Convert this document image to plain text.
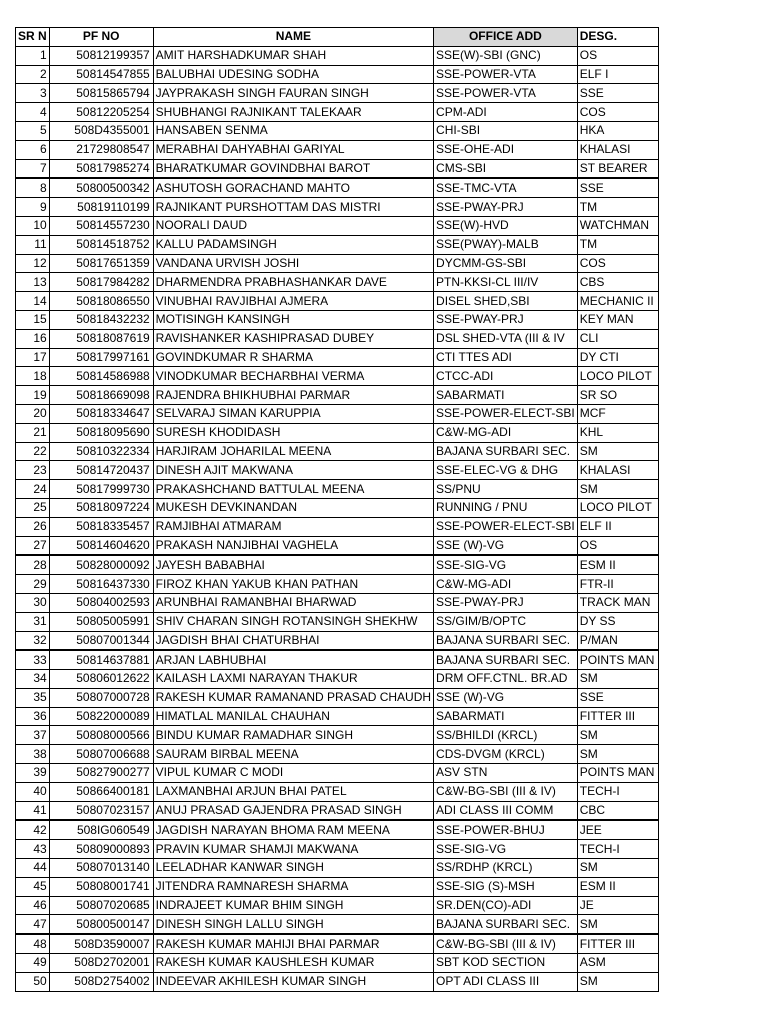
SR N	PF NO	NAME	OFFICE ADD	DESG.
1	50812199357	AMIT HARSHADKUMAR SHAH	SSE(W)-SBI (GNC)	OS
2	50814547855	BALUBHAI UDESING SODHA	SSE-POWER-VTA	ELF I
3	50815865794	JAYPRAKASH SINGH FAURAN SINGH	SSE-POWER-VTA	SSE
4	50812205254	SHUBHANGI RAJNIKANT TALEKAAR	CPM-ADI	COS
5	508D4355001	HANSABEN SENMA	CHI-SBI	HKA
6	21729808547	MERABHAI DAHYABHAI GARIYAL	SSE-OHE-ADI	KHALASI
7	50817985274	BHARATKUMAR GOVINDBHAI BAROT	CMS-SBI	ST BEARER
8	50800500342	ASHUTOSH GORACHAND MAHTO	SSE-TMC-VTA	SSE
9	50819110199	RAJNIKANT PURSHOTTAM DAS MISTRI	SSE-PWAY-PRJ	TM
10	50814557230	NOORALI DAUD	SSE(W)-HVD	WATCHMAN
11	50814518752	KALLU PADAMSINGH	SSE(PWAY)-MALB	TM
12	50817651359	VANDANA URVISH JOSHI	DYCMM-GS-SBI	COS
13	50817984282	DHARMENDRA PRABHASHANKAR DAVE	PTN-KKSI-CL III/IV	CBS
14	50818086550	VINUBHAI RAVJIBHAI AJMERA	DISEL SHED,SBI	MECHANIC II
15	50818432232	MOTISINGH KANSINGH	SSE-PWAY-PRJ	KEY MAN
16	50818087619	RAVISHANKER KASHIPRASAD DUBEY	DSL SHED-VTA (III & IV	CLI
17	50817997161	GOVINDKUMAR R SHARMA	CTI TTES ADI	DY CTI
18	50814586988	VINODKUMAR BECHARBHAI VERMA	CTCC-ADI	LOCO PILOT
19	50818669098	RAJENDRA BHIKHUBHAI PARMAR	SABARMATI	SR SO
20	50818334647	SELVARAJ SIMAN KARUPPIA	SSE-POWER-ELECT-SBI	MCF
21	50818095690	SURESH KHODIDASH	C&W-MG-ADI	KHL
22	50810322334	HARJIRAM JOHARILAL MEENA	BAJANA SURBARI SEC.	SM
23	50814720437	DINESH AJIT MAKWANA	SSE-ELEC-VG & DHG	KHALASI
24	50817999730	PRAKASHCHAND BATTULAL MEENA	SS/PNU	SM
25	50818097224	MUKESH DEVKINANDAN	RUNNING / PNU	LOCO PILOT
26	50818335457	RAMJIBHAI ATMARAM	SSE-POWER-ELECT-SBI	ELF II
27	50814604620	PRAKASH NANJIBHAI VAGHELA	SSE (W)-VG	OS
28	50828000092	JAYESH BABABHAI	SSE-SIG-VG	ESM II
29	50816437330	FIROZ KHAN YAKUB KHAN PATHAN	C&W-MG-ADI	FTR-II
30	50804002593	ARUNBHAI RAMANBHAI BHARWAD	SSE-PWAY-PRJ	TRACK MAN
31	50805005991	SHIV CHARAN SINGH ROTANSINGH SHEKHW	SS/GIM/B/OPTC	DY SS
32	50807001344	JAGDISH BHAI CHATURBHAI	BAJANA SURBARI SEC.	P/MAN
33	50814637881	ARJAN LABHUBHAI	BAJANA SURBARI SEC.	POINTS MAN
34	50806012622	KAILASH LAXMI NARAYAN THAKUR	DRM OFF.CTNL. BR.AD	SM
35	50807000728	RAKESH KUMAR RAMANAND PRASAD CHAUDH	SSE (W)-VG	SSE
36	50822000089	HIMATLAL MANILAL CHAUHAN	SABARMATI	FITTER III
37	50808000566	BINDU KUMAR RAMADHAR SINGH	SS/BHILDI (KRCL)	SM
38	50807006688	SAURAM BIRBAL MEENA	CDS-DVGM (KRCL)	SM
39	50827900277	VIPUL KUMAR C MODI	ASV STN	POINTS MAN
40	50866400181	LAXMANBHAI ARJUN BHAI PATEL	C&W-BG-SBI (III & IV)	TECH-I
41	50807023157	ANUJ PRASAD GAJENDRA PRASAD SINGH	ADI CLASS III COMM	CBC
42	508IG060549	JAGDISH NARAYAN BHOMA RAM MEENA	SSE-POWER-BHUJ	JEE
43	50809000893	PRAVIN KUMAR SHAMJI MAKWANA	SSE-SIG-VG	TECH-I
44	50807013140	LEELADHAR KANWAR SINGH	SS/RDHP (KRCL)	SM
45	50808001741	JITENDRA RAMNARESH SHARMA	SSE-SIG (S)-MSH	ESM II
46	50807020685	INDRAJEET KUMAR BHIM SINGH	SR.DEN(CO)-ADI	JE
47	50800500147	DINESH SINGH LALLU SINGH	BAJANA SURBARI SEC.	SM
48	508D3590007	RAKESH KUMAR MAHIJI BHAI PARMAR	C&W-BG-SBI (III & IV)	FITTER III
49	508D2702001	RAKESH KUMAR KAUSHLESH KUMAR	SBT KOD SECTION	ASM
50	508D2754002	INDEEVAR AKHILESH KUMAR SINGH	OPT ADI CLASS III	SM
